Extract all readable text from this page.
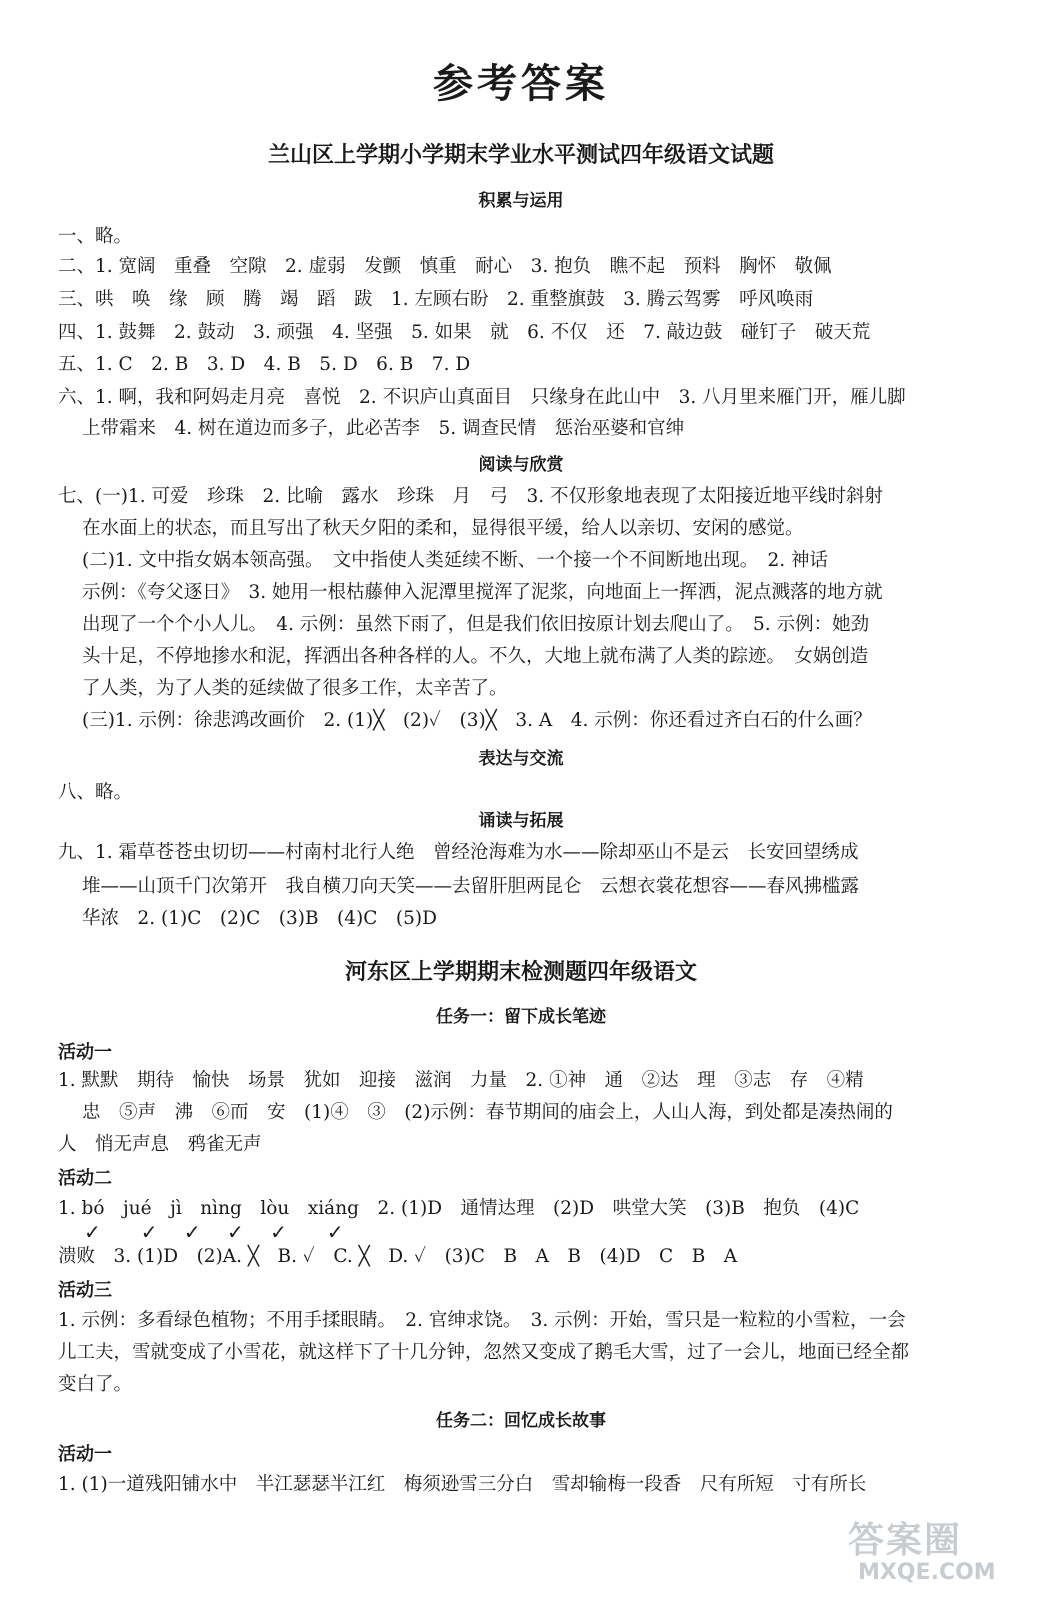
参考答案
兰山区上学期小学期末学业水平测试四年级语文试题
积累与运用
一、略。
二、1. 宽阔　重叠　空隙　2. 虚弱　发颤　慎重　耐心　3. 抱负　瞧不起　预料　胸怀　敬佩
三、哄　唤　缘　顾　腾　竭　蹈　跋　1. 左顾右盼　2. 重整旗鼓　3. 腾云驾雾　呼风唤雨
四、1. 鼓舞　2. 鼓动　3. 顽强　4. 坚强　5. 如果　就　6. 不仅　还　7. 敲边鼓　碰钉子　破天荒
五、1. C　2. B　3. D　4. B　5. D　6. B　7. D
六、1. 啊，我和阿妈走月亮　喜悦　2. 不识庐山真面目　只缘身在此山中　3. 八月里来雁门开，雁儿脚
上带霜来　4. 树在道边而多子，此必苦李　5. 调查民情　惩治巫婆和官绅
阅读与欣赏
七、(一)1. 可爱　珍珠　2. 比喻　露水　珍珠　月　弓　3. 不仅形象地表现了太阳接近地平线时斜射
在水面上的状态，而且写出了秋天夕阳的柔和，显得很平缓，给人以亲切、安闲的感觉。
(二)1. 文中指女娲本领高强。　文中指使人类延续不断、一个接一个不间断地出现。　2. 神话
示例：《夸父逐日》　3. 她用一根枯藤伸入泥潭里搅浑了泥浆，向地面上一挥洒，泥点溅落的地方就
出现了一个个小人儿。　4. 示例：虽然下雨了，但是我们依旧按原计划去爬山了。　5. 示例：她劲
头十足，不停地掺水和泥，挥洒出各种各样的人。不久，大地上就布满了人类的踪迹。　女娲创造
了人类，为了人类的延续做了很多工作，太辛苦了。
(三)1. 示例：徐悲鸿改画价　2. (1)╳　(2)✓　(3)╳　3. A　4. 示例：你还看过齐白石的什么画？
表达与交流
八、略。
诵读与拓展
九、1. 霜草苍苍虫切切——村南村北行人绝　曾经沧海难为水——除却巫山不是云　长安回望绣成
堆——山顶千门次第开　我自横刀向天笑——去留肝胆两昆仑　云想衣裳花想容——春风拂槛露
华浓　2. (1)C　(2)C　(3)B　(4)C　(5)D
河东区上学期期末检测题四年级语文
任务一：留下成长笔迹
活动一
1. 默默　期待　愉快　场景　犹如　迎接　滋润　力量　2. ①神　通　②达　理　③志　存　④精
忠　⑤声　沸　⑥而　安　(1)④　③　(2)示例：春节期间的庙会上，人山人海，到处都是凑热闹的
人　悄无声息　鸦雀无声
活动二
1. bó　jué　jì　nìng　lòu　xiáng　2. (1)D　通情达理　(2)D　哄堂大笑　(3)B　抱负　(4)C
✓　　✓　 ✓　 ✓　 ✓　　✓
溃败　3. (1)D　(2)A. ╳　B. ✓　C. ╳　D. ✓　(3)C　B　A　B　(4)D　C　B　A
活动三
1. 示例：多看绿色植物；不用手揉眼睛。　2. 官绅求饶。　3. 示例：开始，雪只是一粒粒的小雪粒，一会
儿工夫，雪就变成了小雪花，就这样下了十几分钟，忽然又变成了鹅毛大雪，过了一会儿，地面已经全都
变白了。
任务二：回忆成长故事
活动一
1. (1)一道残阳铺水中　半江瑟瑟半江红　梅须逊雪三分白　雪却输梅一段香　尺有所短　寸有所长
答案圈
MXQE.COM
